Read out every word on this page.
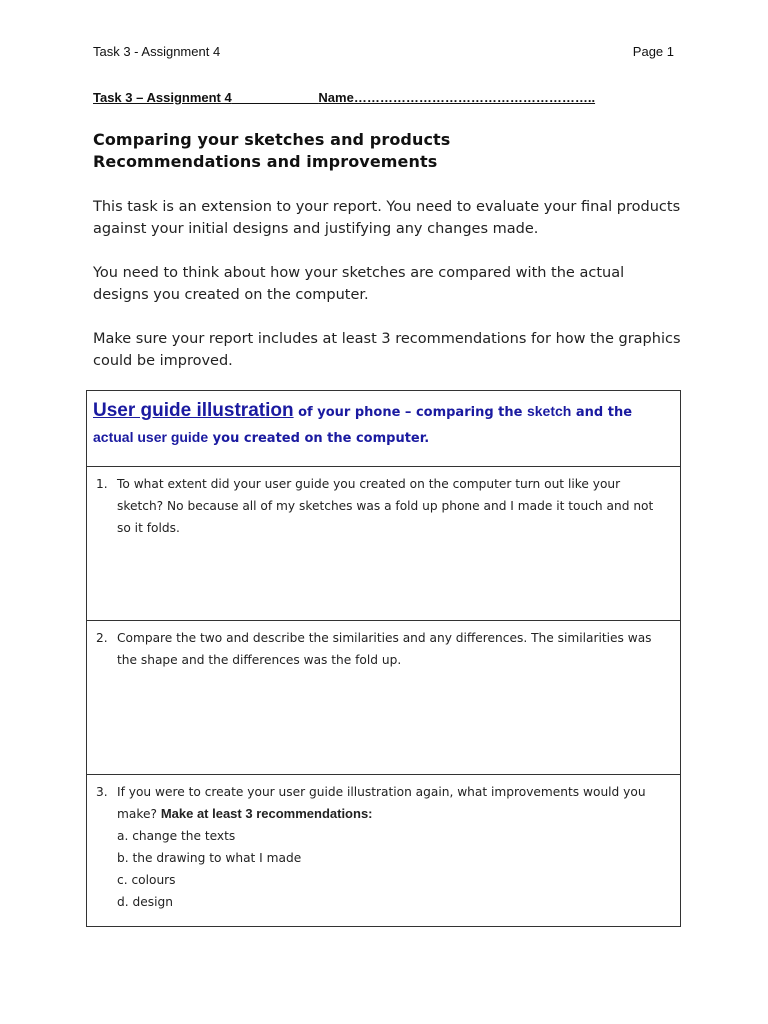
Task 3 - Assignment 4	Page 1
Task 3 – Assignment 4	Name………………………………………………..
Comparing your sketches and products
Recommendations and improvements
This task is an extension to your report. You need to evaluate your final products against your initial designs and justifying any changes made.
You need to think about how your sketches are compared with the actual designs you created on the computer.
Make sure your report includes at least 3 recommendations for how the graphics could be improved.
User guide illustration of your phone – comparing the sketch and the actual user guide you created on the computer.
1. To what extent did your user guide you created on the computer turn out like your sketch? No because all of my sketches was a fold up phone and I made it touch and not so it folds.
2. Compare the two and describe the similarities and any differences. The similarities was the shape and the differences was the fold up.
3. If you were to create your user guide illustration again, what improvements would you make? Make at least 3 recommendations:
a. change the texts
b. the drawing to what I made
c. colours
d. design
